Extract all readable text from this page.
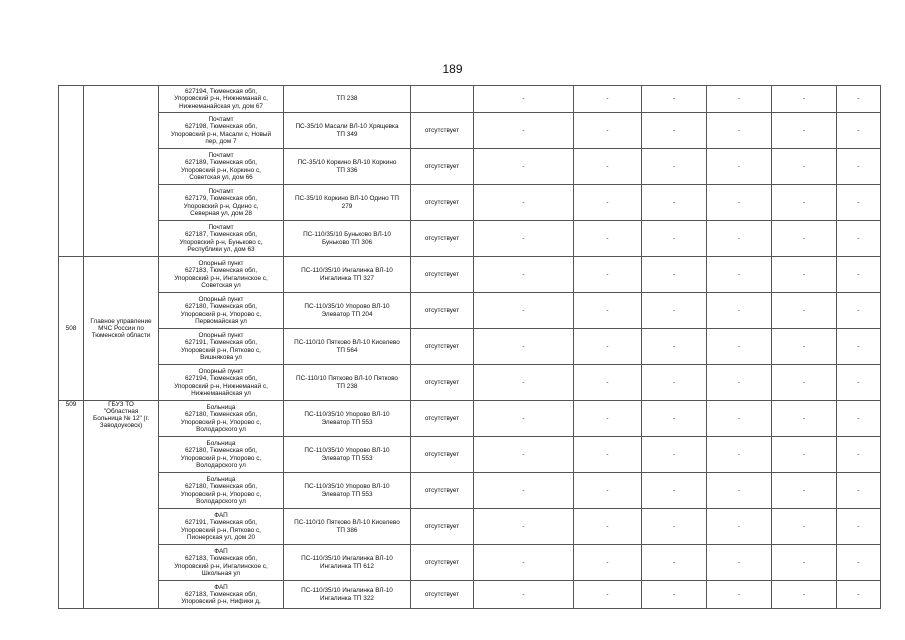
189
		627194, Тюменская обл,
Упоровский р-н, Нижнеманай с,
Нижнеманайская ул, дом 67	ТП 238		-	-	-	-	-	-
		Почтамт
627198, Тюменская обл,
Упоровский р-н, Масали с, Новый
пер, дом 7	ПС-35/10 Масали ВЛ-10 Хрящевка
ТП 349	отсутствует	-	-	-	-	-	-
		Почтамт
627189, Тюменская обл,
Упоровский р-н, Коркино с,
Советская ул, дом 66	ПС-35/10 Коркино ВЛ-10 Коркино
ТП 336	отсутствует	-	-	-	-	-	-
		Почтамт
627179, Тюменская обл,
Упоровский р-н, Одино с,
Северная ул, дом 28	ПС-35/10 Коркино ВЛ-10 Одино ТП
279	отсутствует	-	-	-	-	-	-
		Почтамт
627187, Тюменская обл,
Упоровский р-н, Буньково с,
Республики ул, дом 63	ПС-110/35/10 Буньково ВЛ-10
Буньково ТП 306	отсутствует	-	-	-	-	-	-
508	Главное управление
МЧС России по
Тюменской области	Опорный пункт
627183, Тюменская обл,
Упоровский р-н, Ингалинское с,
Советская ул	ПС-110/35/10 Ингалинка ВЛ-10
Ингалинка ТП 327	отсутствует	-	-	-	-	-	-
		Опорный пункт
627180, Тюменская обл,
Упоровский р-н, Упорово с,
Первомайская ул	ПС-110/35/10 Упорово ВЛ-10
Элеватор ТП 204	отсутствует	-	-	-	-	-	-
		Опорный пункт
627191, Тюменская обл,
Упоровский р-н, Пятково с,
Вишнякова ул	ПС-110/10 Пятково ВЛ-10 Киселево
ТП 564	отсутствует	-	-	-	-	-	-
		Опорный пункт
627194, Тюменская обл,
Упоровский р-н, Нижнеманай с,
Нижнеманайская ул	ПС-110/10 Пятково ВЛ-10 Пятково
ТП 238	отсутствует	-	-	-	-	-	-
509	ГБУЗ ТО
"Областная
Больница № 12" (г.
Заводоуковск)	Больница
627180, Тюменская обл,
Упоровский р-н, Упорово с,
Володарского ул	ПС-110/35/10 Упорово ВЛ-10
Элеватор ТП 553	отсутствует	-	-	-	-	-	-
		Больница
627180, Тюменская обл,
Упоровский р-н, Упорово с,
Володарского ул	ПС-110/35/10 Упорово ВЛ-10
Элеватор ТП 553	отсутствует	-	-	-	-	-	-
		Больница
627180, Тюменская обл,
Упоровский р-н, Упорово с,
Володарского ул	ПС-110/35/10 Упорово ВЛ-10
Элеватор ТП 553	отсутствует	-	-	-	-	-	-
		ФАП
627191, Тюменская обл,
Упоровский р-н, Пятково с,
Пионерская ул, дом 20	ПС-110/10 Пятково ВЛ-10 Киселево
ТП 386	отсутствует	-	-	-	-	-	-
		ФАП
627183, Тюменская обл,
Упоровский р-н, Ингалинское с,
Школьная ул	ПС-110/35/10 Ингалинка ВЛ-10
Ингалинка ТП 612	отсутствует	-	-	-	-	-	-
		ФАП
627183, Тюменская обл,
Упоровский р-н, Нифики д,	ПС-110/35/10 Ингалинка ВЛ-10
Ингалинка ТП 322	отсутствует	-	-	-	-	-	-
